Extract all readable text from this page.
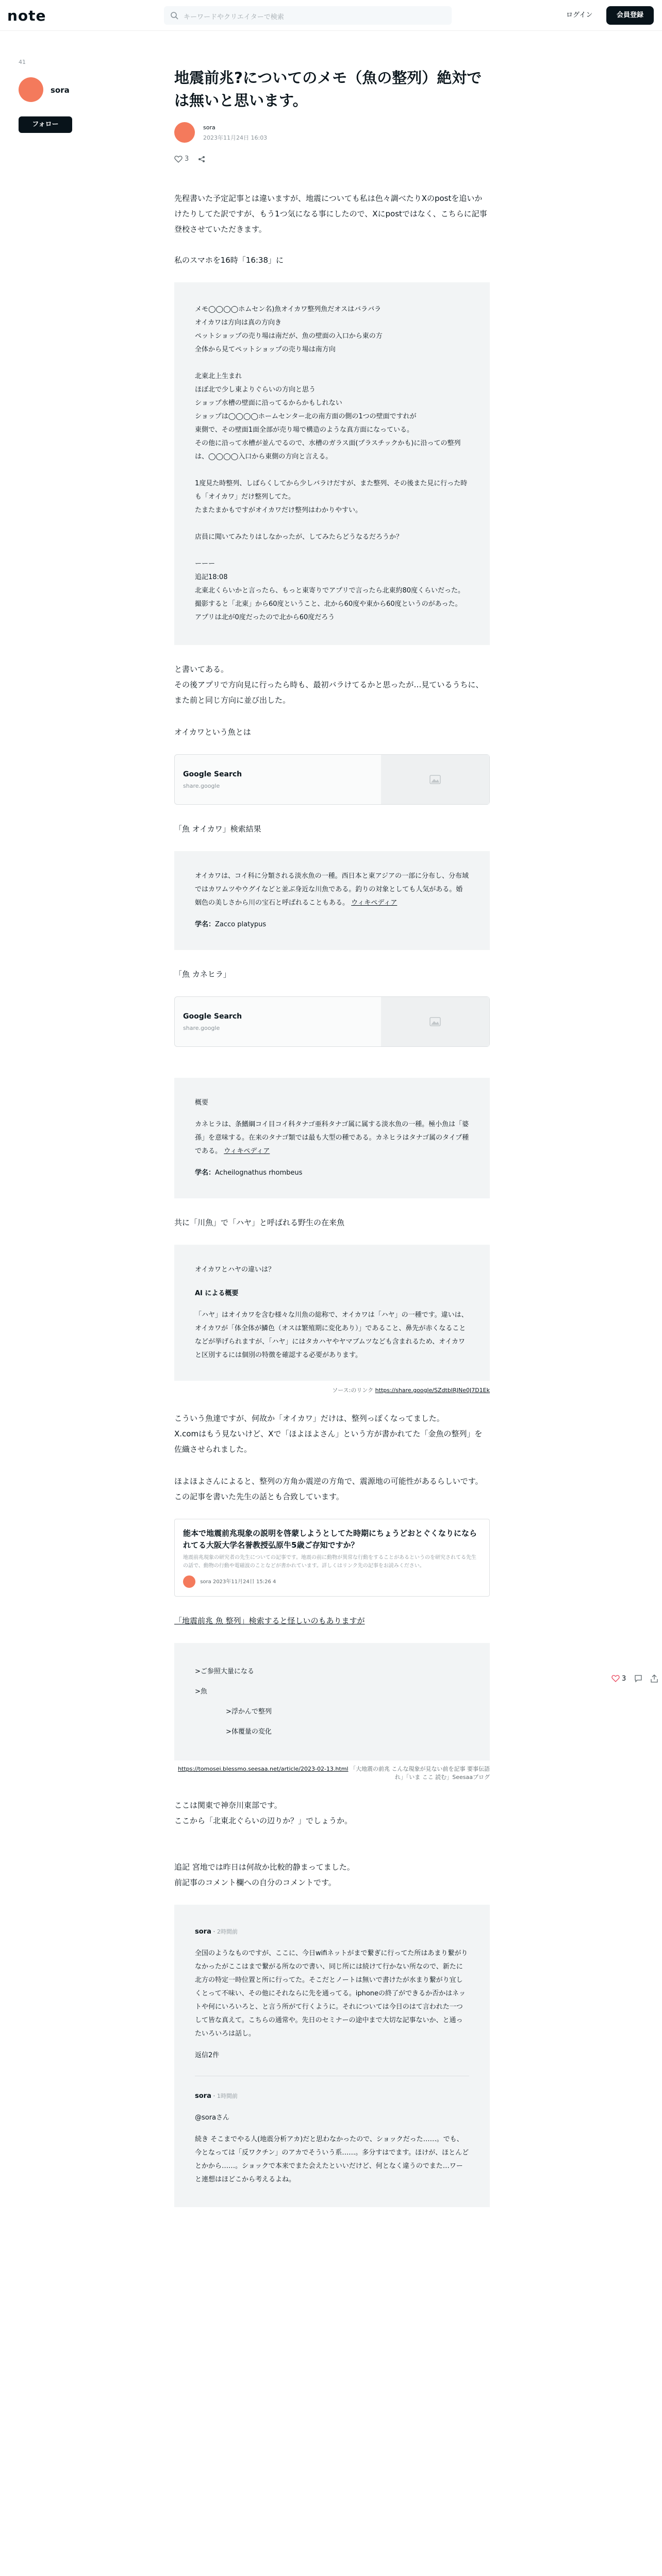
note	キーワードやクリエイターで検索	ログイン	会員登録
41
sora
フォロー
地震前兆?についてのメモ（魚の整列）絶対では無いと思います。
sora
2023年11月24日 16:03
3

先程書いた予定記事とは違いますが、地震についても私は色々調べたりXのpostを追いかけたりしてた訳ですが、もう1つ気になる事にしたので、Xにpostではなく、こちらに記事登校させていただきます。

私のスマホを16時「16:38」に

メモ◯◯◯◯ホムセン名)魚オイカワ整列魚だオスはバラバラ
オイカワは方向は真の方向き
ペットショップの売り場は南だが、魚の壁面の入口から東の方
全体から見てペットショップの売り場は南方向
北東北上生まれ
ほぼ北で少し東よりぐらいの方向と思う
ショップ水槽の壁面に沿ってるからかもしれない
ショップは◯◯◯◯ホームセンター北の南方面の側の1つの壁面ですれが
東側で、その壁面1面全部が売り場で構造のような真方面になっている。
その他に沿って水槽が並んでるので、水槽のガラス面(プラスチックかも)に沿っての整列は、◯◯◯◯入口から東側の方向と言える。
1度見た時整列、しばらくしてから少しバラけだすが、また整列、その後また見に行った時も「オイカワ」だけ整列してた。
たまたまかもですがオイカワだけ整列はわかりやすい。
店員に聞いてみたりはしなかったが、してみたらどうなるだろうか？
ーーー
追記18:08
北東北くらいかと言ったら、もっと東寄りでアプリで言ったら北東約80度くらいだった。
撮影すると「北東」から60度ということ、北から60度や東から60度というのがあった。
アプリは北が0度だったので北から60度だろう

と書いてある。
その後アプリで方向見に行ったら時も、最初バラけてるかと思ったが…見ているうちに、また前と同じ方向に並び出した。

オイカワという魚とは

Google Search
share.google

「魚 オイカワ」検索結果

オイカワは、コイ科に分類される淡水魚の一種。西日本と東アジアの一部に分布し、分布域ではカワムツやウグイなどと並ぶ身近な川魚である。釣りの対象としても人気がある。婚姻色の美しさから川の宝石と呼ばれることもある。 ウィキペディア
学名：Zacco platypus

「魚 カネヒラ」

Google Search
share.google
概要
カネヒラは、条鰭綱コイ目コイ科タナゴ亜科タナゴ属に属する淡水魚の一種。極小魚は「婆孫」を意味する。在来のタナゴ類では最も大型の種である。カネヒラはタナゴ属のタイプ種である。 ウィキペディア
学名：Acheilognathus rhombeus

共に「川魚」で「ハヤ」と呼ばれる野生の在来魚

オイカワとハヤの違いは？
AI による概要
「ハヤ」はオイカワを含む様々な川魚の総称で、オイカワは「ハヤ」の一種です。違いは、オイカワが「体全体が鱗色（オスは繁殖期に変化あり）」であること、鼻先が赤くなることなどが挙げられますが、「ハヤ」にはタカハヤやヤマブムツなども含まれるため、オイカワと区別するには個別の特徴を確認する必要があります。
ソース:のリンク https://share.google/SZdtbIRJNe0J7D1Ek

こういう魚達ですが、何故か「オイカワ」だけは、整列っぽくなってました。
X.comはもう見ないけど、Xで「ほよほよさん」という方が書かれてた「金魚の整列」を佐織させられました。

ほよほよさんによると、整列の方角か震逆の方角で、震源地の可能性があるらしいです。
この記事を書いた先生の話とも合致しています。

能本で地震前兆現象の説明を啓蒙しようとしてた時期にちょうどおとぐくなりになられてる大阪大学名誉教授弘原牛5歳ご存知ですか？
地震前兆現象の研究者の先生についての記事です。地震の前に動物が異常な行動をすることがあるというのを研究されてる先生の話で、動物の行動や電磁波のことなどが書かれています。詳しくはリンク先の記事をお読みください。
sora 2023年11月24日 15:26 4

「地震前兆 魚 整列」検索すると怪しいのもありますが

>ご参照大量になる
>魚
>浮かんで整列
>体覆量の変化
https://tomosei.blessmo.seesaa.net/article/2023-02-13.html 「大地震の前兆 こんな現象が見ない前を記事 要事伝語れ」「いま ここ 読む」Seesaaブログ

ここは関東で神奈川東部です。
ここから「北東北ぐらいの辺りか？」でしょうか。

追記 宮地では昨日は何故か比較的静まってました。
前記事のコメント欄への自分のコメントです。

sora・2時間前
全国のようなものですが、ここに、今日wifiネットがまで繋ぎに行ってた所はあまり繋がりなかったがここはまで繋がる所なので書い、同じ所には続けて行かない所なので、新たに北方の特定一時位置と所に行ってた。そこだとノートは無いで書けたが水まり繋がり宜しくとって不味い、その他にそれならに先を通ってる。iphoneの終了ができるか否かはネットや何にいろいろと、と言う所がて行くように。それについては今日のはて言われた一つして皆な真えて。こちらの通常や。先日のセミナーの途中まで大切な記事ないか、と通ったいろいろは話し。
返信2件
sora・1時間前
@soraさん
続き そこまでやる人(地震分析アカ)だと思わなかったので、ショックだった……。でも、今となっては「反ワクチン」のアカでそういう系……。多分すはでます。ほけが、ほとんどとかから……。ショックで本来でまた会えたといいだけど、何となく違うのでまた…ワーと連想はほどこから考えるよね。
3
